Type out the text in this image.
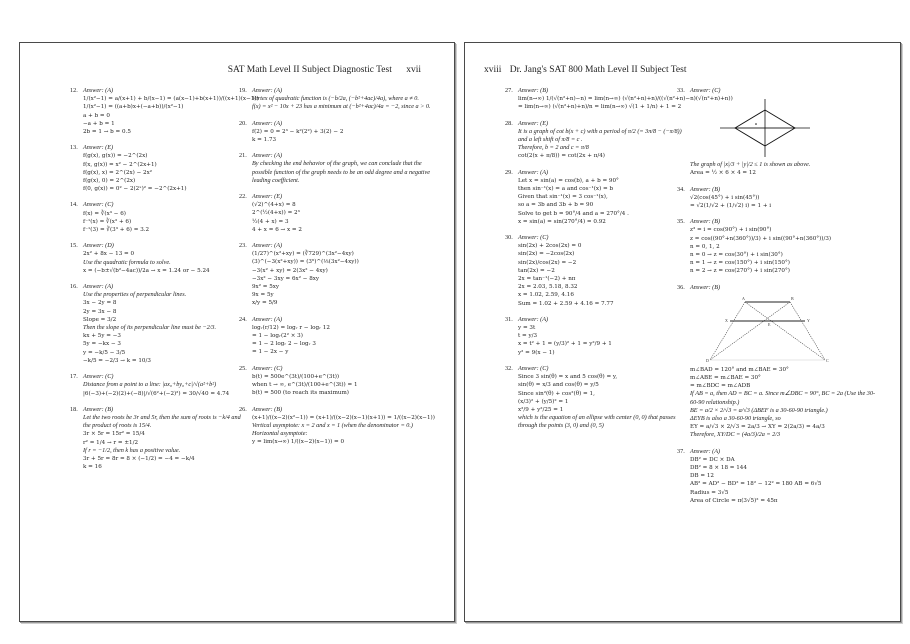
SAT Math Level II Subject Diagnostic Test xvii
12. Answer: (A)
1/(x²−1) = a/(x+1) + b/(x−1) = (a(x−1)+b(x+1))/((x+1)(x−1))
1/(x²−1) = ((a+b)x+(−a+b))/(x²−1)
a + b = 0
−a + b = 1
2b = 1 → b = 0.5
13. Answer: (E)
f(g(x), g(x)) = −2^(2x)
f(x, g(x)) = x² − 2^(2x+1)
f(g(x), x) = 2^(2x) − 2x²
f(g(x), 0) = 2^(2x)
f(0, g(x)) = 0² − 2(2ˣ)² = −2^(2x+1)
14. Answer: (C)
f(x) = ∛(x³ − 6)
f⁻¹(x) = ∛(x³ + 6)
f⁻¹(3) = ∛(3³ + 6) = 3.2
15. Answer: (D)
2x² + 8x − 13 = 0
Use the quadratic formula to solve.
x = (−b±√(b²−4ac))/2a → x = 1.24 or − 5.24
16. Answer: (A)
Use the properties of perpendicular lines.
3x − 2y = 8
2y = 3x − 8
Slope = 3/2
Then the slope of its perpendicular line must be −2/3.
kx + 5y = −3
5y = −kx − 3
y = −k/5 − 3/5
−k/5 = −2/3 → k = 10/3
17. Answer: (C)
Distance from a point to a line: |ax₀+by₀+c|/√(a²+b²)
|6(−3)+(−2)(2)+(−8)|/√(6²+(−2)²) = 30/√40 = 4.74
18. Answer: (B)
Let the two roots be 3r and 5r, then the sum of roots is −k/4 and the product of roots is 15/4.
3r × 5r = 15r² = 15/4
r² = 1/4 → r = ±1/2
If r = −1/2, then k has a positive value.
3r + 5r = 8r = 8 × (−1/2) = −4 = −k/4
k = 16
19. Answer: (A)
Vertex of quadratic function is (−b/2a, (−b²+4ac)/4a), where a ≠ 0.
f(x) = x² − 10x + 23 has a minimum at (−b²+4ac)/4a = −2, since a > 0.
20. Answer: (A)
f(2) = 0 = 2³ − k²(2²) + 3(2) − 2
k = 1.73
21. Answer: (A)
By checking the end behavior of the graph, we can conclude that the possible function of the graph needs to be an odd degree and a negative leading coefficient.
22. Answer: (E)
(√2)^(4+x) = 8
2^(½(4+x)) = 2³
½(4 + x) = 3
4 + x = 6 → x = 2
23. Answer: (A)
(1/27)^(x²+xy) = (∛729)^(3x²−4xy)
(3)^(−3(x²+xy)) = (3⁶)^(⅓(3x²−4xy))
−3(x² + xy) = 2(3x² − 4xy)
−3x² − 3xy = 6x² − 8xy
9x² = 5xy
9x = 5y
x/y = 5/9
24. Answer: (A)
logᵣ(r/12) = logᵣ r − logᵣ 12
= 1 − logᵣ(2² × 3)
= 1 − 2 logᵣ 2 − logᵣ 3
= 1 − 2x − y
25. Answer: (C)
b(t) = 500e^(3t)/(100+e^(3t))
when t → ∞, e^(3t)/(100+e^(3t)) = 1
b(t) = 500 (to reach its maximum)
26. Answer: (B)
(x+1)/((x−2)(x²−1)) = (x+1)/((x−2)(x−1)(x+1)) = 1/((x−2)(x−1))
Vertical asymptote: x = 2 and x = 1 (when the denominator = 0.)
Horizontal asymptote:
y = lim(x→∞) 1/((x−2)(x−1)) = 0
xviii Dr. Jang's SAT 800 Math Level II Subject Test
27. Answer: (B)
lim(n→∞) 1/(√(n²+n)−n) = lim(n→∞) (√(n²+n)+n)/((√(n²+n)−n)(√(n²+n)+n))
= lim(n→∞) (√(n²+n)+n)/n = lim(n→∞) √(1 + 1/n) + 1 = 2
28. Answer: (E)
It is a graph of cot b(x + c) with a period of π/2 (= 3π/8 − (−π/8)) and a left shift of π/8 = c .
Therefore, b = 2 and c = π/8
cot(2(x + π/8)) = cot(2x + π/4)
29. Answer: (A)
Let x = sin(a) = cos(b), a + b = 90°
then sin⁻¹(x) = a and cos⁻¹(x) = b
Given that sin⁻¹(x) = 3 cos⁻¹(x),
so a = 3b and 3b + b = 90
Solve to get b = 90°/4 and a = 270°/4 .
x = sin(a) = sin(270°/4) = 0.92
30. Answer: (C)
sin(2x) + 2cos(2x) = 0
sin(2x) = −2cos(2x)
sin(2x)/cos(2x) = −2
tan(2x) = −2
2x = tan⁻¹(−2) + nπ
2x = 2.03, 5.18, 8.32
x = 1.02, 2.59, 4.16
Sum = 1.02 + 2.59 + 4.16 = 7.77
31. Answer: (A)
y = 3t
t = y/3
x = t² + 1 = (y/3)² + 1 = y²/9 + 1
y² = 9(x − 1)
32. Answer: (C)
Since 3 sin(θ) = x and 5 cos(θ) = y,
sin(θ) = x/3 and cos(θ) = y/5
Since sin²(θ) + cos²(θ) = 1,
(x/3)² + (y/5)² = 1
x²/9 + y²/25 = 1
which is the equation of an ellipse with center (0, 0) that passes through the points (3, 0) and (0, 5)
33. Answer: (C)
The graph of |x|/3 + |y|/2 ≤ 1 is shown as above.
Area = ½ × 6 × 4 = 12
34. Answer: (B)
√2(cos(45°) + i sin(45°))
= √2(1/√2 + (1/√2) i) = 1 + i
35. Answer: (B)
z³ = i = cos(90°) + i sin(90°)
z = cos((90°+n(360°))/3) + i sin((90°+n(360°))/3)
n = 0, 1, 2
n = 0 → z = cos(30°) + i sin(30°)
n = 1 → z = cos(150°) + i sin(150°)
n = 2 → z = cos(270°) + i sin(270°)
36. Answer: (B)
A	B
X	Y
D	C
E
m∠BAD = 120° and m∠BAE = 30°
m∠ABE = m∠BAE = 30°
= m∠BDC = m∠ADB
If AB = a, then AD = BC = a. Since m∠DBC = 90°, BC = 2a (Use the 30-60-90 relationship.)
BE = a/2 × 2/√3 = a/√3 (ΔBEF is a 30-60-90 triangle.)
ΔEYB is also a 30-60-90 triangle, so
EY = a/√3 × 2/√3 = 2a/3 → XY = 2(2a/3) = 4a/3
Therefore, XY/DC = (4a/3)/2a = 2/3
37. Answer: (A)
DB² = DC × DA
DB² = 8 × 18 = 144
DB = 12
AB² = AD² − BD² = 18² − 12² = 180 AB = 6√5
Radius = 3√5
Area of Circle = π(3√5)² = 45π
